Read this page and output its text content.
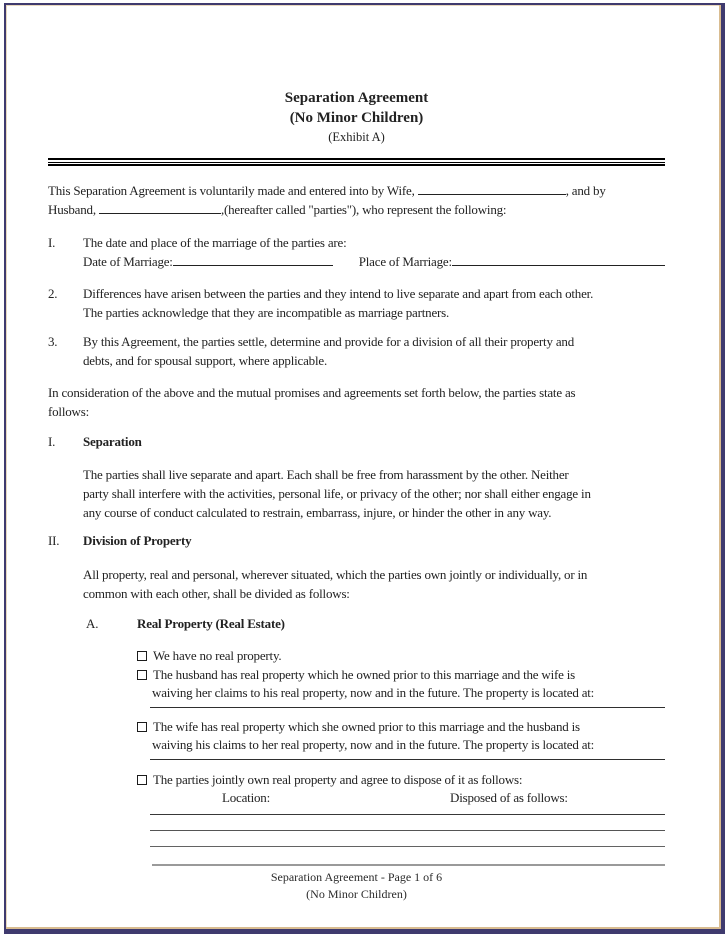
Separation Agreement
(No Minor Children)
(Exhibit A)
This Separation Agreement is voluntarily made and entered into by Wife,	, and by
Husband,	,(hereafter called "parties"), who represent the following:
I.	The date and place of the marriage of the parties are:
Date of Marriage:	Place of Marriage:
2.	Differences have arisen between the parties and they intend to live separate and apart from each other.
The parties acknowledge that they are incompatible as marriage partners.
3.	By this Agreement, the parties settle, determine and provide for a division of all their property and
debts, and for spousal support, where applicable.
In consideration of the above and the mutual promises and agreements set forth below, the parties state as
follows:
I.	Separation
The parties shall live separate and apart. Each shall be free from harassment by the other. Neither
party shall interfere with the activities, personal life, or privacy of the other; nor shall either engage in
any course of conduct calculated to restrain, embarrass, injure, or hinder the other in any way.
II.	Division of Property
All property, real and personal, wherever situated, which the parties own jointly or individually, or in
common with each other, shall be divided as follows:
A.	Real Property (Real Estate)
We have no real property.
The husband has real property which he owned prior to this marriage and the wife is
waiving her claims to his real property, now and in the future. The property is located at:
The wife has real property which she owned prior to this marriage and the husband is
waiving his claims to her real property, now and in the future. The property is located at:
The parties jointly own real property and agree to dispose of it as follows:
Location:	Disposed of as follows:
Separation Agreement - Page 1 of 6
(No Minor Children)
